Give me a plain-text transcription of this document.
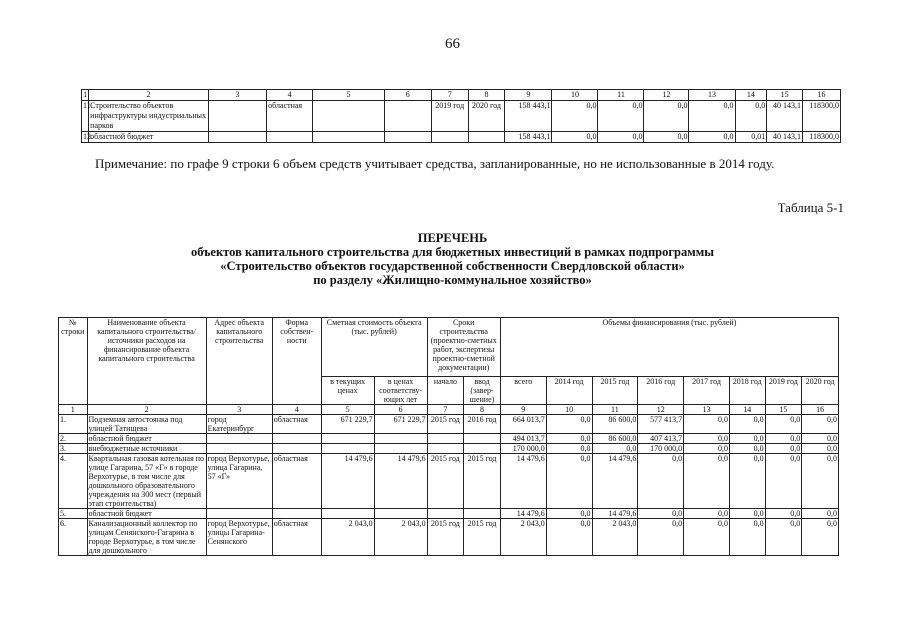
66
1	2	3	4	5	6	7	8	9	10	11	12	13	14	15	16
11.	Строительство объектов инфраструктуры индустриальных парков		областная			2019 год	2020 год	158 443,1	0,0	0,0	0,0	0,0	0,0	40 143,1	118300,0
12.	областной бюджет							158 443,1	0,0	0,0	0,0	0,0	0,01	40 143,1	118300,0
Примечание: по графе 9 строки 6 объем средств учитывает средства, запланированные, но не использованные в 2014 году.
Таблица 5-1
ПЕРЕЧЕНЬ
объектов капитального строительства для бюджетных инвестиций в рамках подпрограммы
«Строительство объектов государственной собственности Свердловской области»
по разделу «Жилищно-коммунальное хозяйство»
№ строки	Наименование объекта капитального строительства/ источники расходов на финансирование объекта капитального строительства	Адрес объекта капитального строительства	Форма собствен-ности	Сметная стоимость объекта (тыс. рублей)		Сроки строительства (проектно-сметных работ, экспертизы проектно-сметной документации)		Объемы финансирования (тыс. рублей)							
				в текущих ценах	в ценах соответству-ющих лет	начало	ввод (завер-шение)	всего	2014 год	2015 год	2016 год	2017 год	2018 год	2019 год	2020 год
1	2	3	4	5	6	7	8	9	10	11	12	13	14	15	16
1.	Подземная автостоянка под улицей Татищева	город Екатеринбург	областная	671 229,7	671 229,7	2015 год	2016 год	664 013,7	0,0	86 600,0	577 413,7	0,0	0,0	0,0	0,0
2.	областной бюджет							494 013,7	0,0	86 600,0	407 413,7	0,0	0,0	0,0	0,0
3.	внебюджетные источники							170 000,0	0,0	0,0	170 000,0	0,0	0,0	0,0	0,0
4.	Квартальная газовая котельная по улице Гагарина, 57 «Г» в городе Верхотурье, в том числе для дошкольного образовательного учреждения на 300 мест (первый этап строительства)	город Верхотурье, улица Гагарина, 57 «Г»	областная	14 479,6	14 479,6	2015 год	2015 год	14 479,6	0,0	14 479,6	0,0	0,0	0,0	0,0	0,0
5.	областной бюджет							14 479,6	0,0	14 479,6	0,0	0,0	0,0	0,0	0,0
6.	Канализационный коллектор по улицам Сенянского-Гагарина в городе Верхотурье, в том числе для дошкольного	город Верхотурье, улицы Гагарина-Сенянского	областная	2 043,0	2 043,0	2015 год	2015 год	2 043,0	0,0	2 043,0	0,0	0,0	0,0	0,0	0,0
